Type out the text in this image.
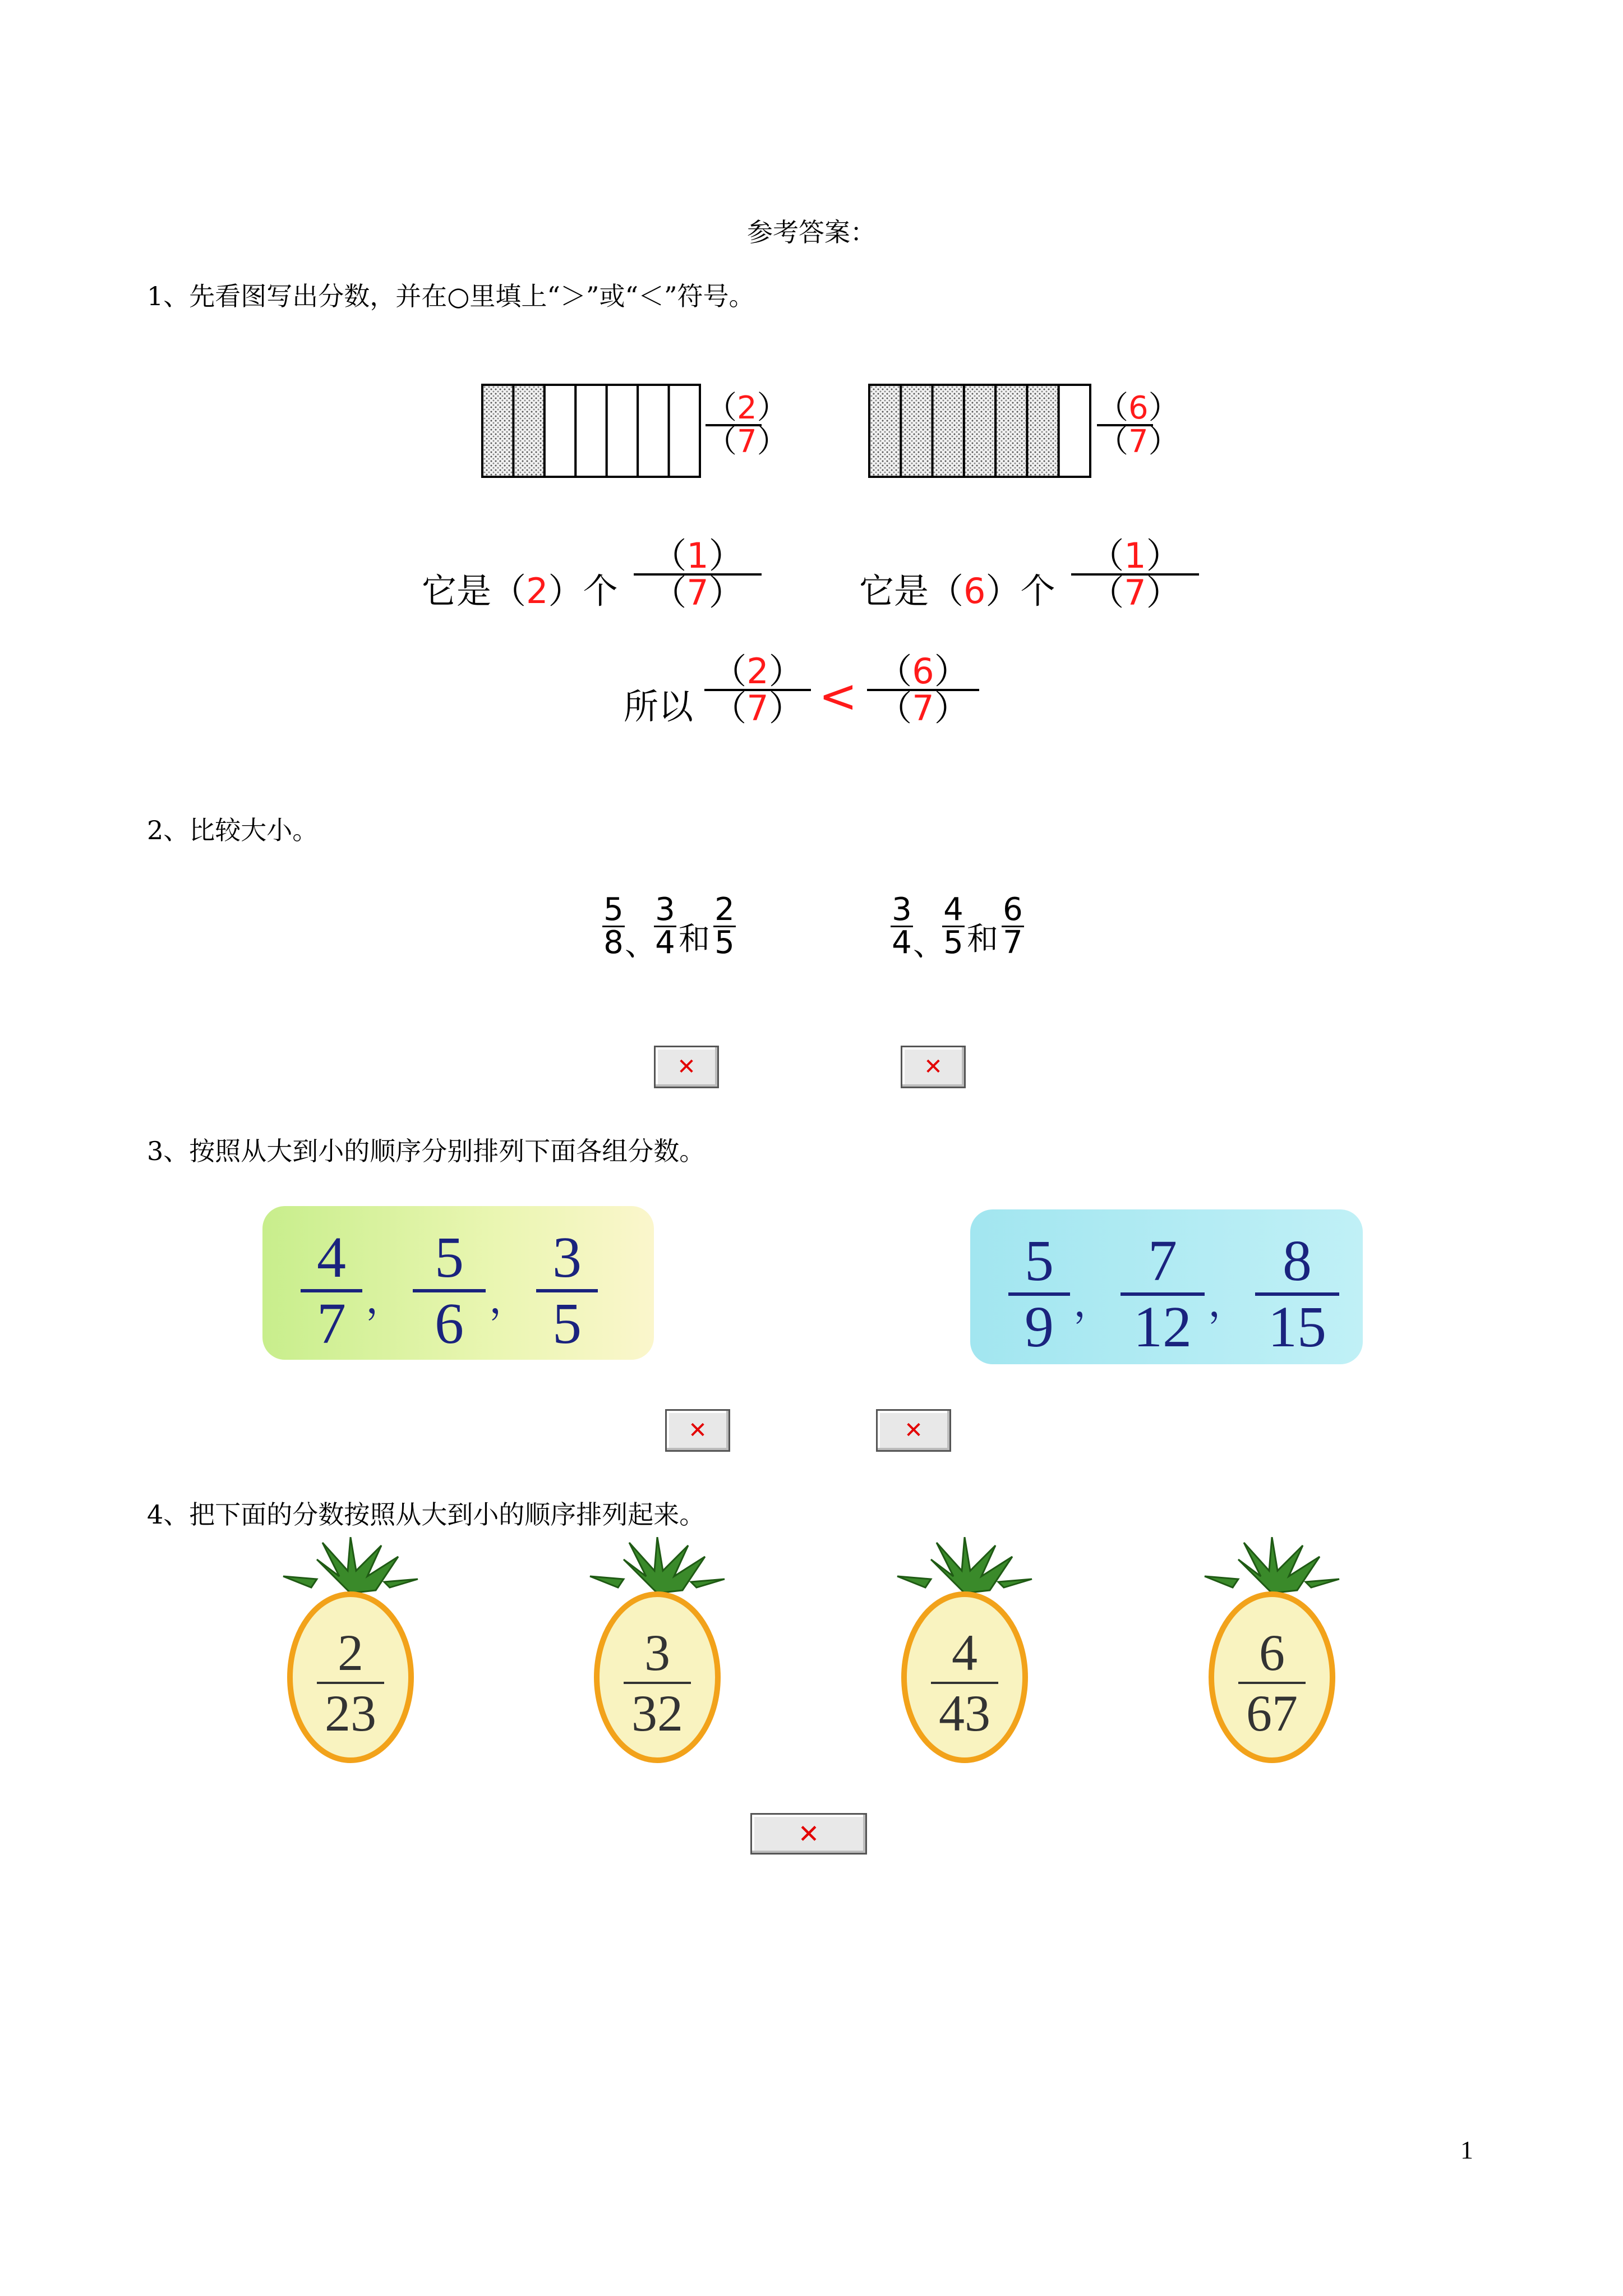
参考答案：
1、先看图写出分数，并在○里填上“＞”或“＜”符号。
（2）
（7）
（6）
（7）
它是（2）个
（1）
（7）	它是（6）个
（1）
（7）
所以
（2）
（7） < （6）
（7）
2、比较大小。
5
8 、
3
4 和
2
5
3
4 、
4
5 和
6
7
✕	✕
3、按照从大到小的顺序分别排列下面各组分数。
4
7 ，
5
6 ，
3
5
5
9 ，
7
12 ，
8
15
✕	✕
4、把下面的分数按照从大到小的顺序排列起来。
2
23
3
32
4
43
6
67
✕
1
